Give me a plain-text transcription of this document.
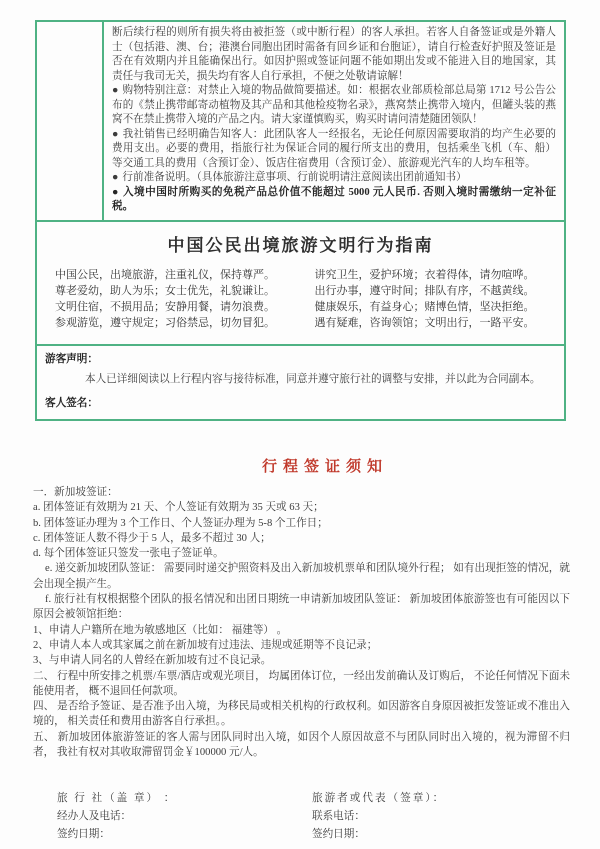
断后续行程的则所有损失将由被拒签（或中断行程）的客人承担。若客人自备签证或是外籍人士（包括港、澳、台；港澳台同胞出团时需备有回乡证和台胞证），请自行检查好护照及签证是否在有效期内并且能确保出行。如因护照或签证问题不能如期出发或不能进入目的地国家，其责任与我司无关，损失均有客人自行承担，不便之处敬请谅解！

● 购物特别注意：对禁止入境的物品做简要描述。如：根据农业部质检部总局第 1712 号公告公布的《禁止携带邮寄动植物及其产品和其他检疫物名录》，燕窝禁止携带入境内，但罐头装的燕窝不在禁止携带入境的产品之内。请大家谨慎购买，购买时请问清楚随团领队！

● 我社销售已经明确告知客人：此团队客人一经报名，无论任何原因需要取消的均产生必要的费用支出。必要的费用，指旅行社为保证合同的履行所支出的费用，包括乘坐飞机（车、船）等交通工具的费用（含预订金）、饭店住宿费用（含预订金）、旅游观光汽车的人均车租等。

● 行前准备说明。（具体旅游注意事项、行前说明请注意阅读出团前通知书）

● 入境中国时所购买的免税产品总价值不能超过 5000 元人民币. 否则入境时需缴纳一定补征税。

中国公民出境旅游文明行为指南
中国公民，出境旅游，注重礼仪，保持尊严。	讲究卫生，爱护环境；衣着得体，请勿喧哗。
尊老爱幼，助人为乐；女士优先，礼貌谦让。	出行办事，遵守时间；排队有序，不越黄线。
文明住宿，不损用品；安静用餐，请勿浪费。	健康娱乐，有益身心；赌博色情，坚决拒绝。
参观游览，遵守规定；习俗禁忌，切勿冒犯。	遇有疑难，咨询领馆；文明出行，一路平安。
游客声明：
本人已详细阅读以上行程内容与接待标准，同意并遵守旅行社的调整与安排，并以此为合同副本。
客人签名：
行程签证须知

一．新加坡签证：

a. 团体签证有效期为 21 天、个人签证有效期为 35 天或 63 天；

b. 团体签证办理为 3 个工作日、个人签证办理为 5-8 个工作日；

c. 团体签证人数不得少于 5 人，最多不超过 30 人；

d. 每个团体签证只签发一张电子签证单。

e. 递交新加坡团队签证： 需要同时递交护照资料及出入新加坡机票单和团队境外行程； 如有出现拒签的情况，就 会出现全损产生。

f. 旅行社有权根据整个团队的报名情况和出团日期统一申请新加坡团队签证： 新加坡团体旅游签也有可能因以下原因会被领馆拒绝：

1、申请人户籍所在地为敏感地区（比如： 福建等） 。

2、申请人本人或其家属之前在新加坡有过违法、违规或延期等不良记录；

3、与申请人同名的人曾经在新加坡有过不良记录。

二、 行程中所安排之机票/车票/酒店或观光项目， 均属团体订位，一经出发前确认及订购后， 不论任何情况下面未 能使用者， 概不退回任何款项。

四、 是否给予签证、是否准予出入境，为移民局或相关机构的行政权利。如因游客自身原因被拒发签证或不准出入 境的， 相关责任和费用由游客自行承担。。

五、 新加坡团体旅游签证的客人需与团队同时出入境，如因个人原因故意不与团队同时出入境的，视为滞留不归者， 我社有权对其收取滞留罚金￥100000 元/人。

旅 行 社（盖 章） ：	旅游者或代表（签章）：
经办人及电话：	联系电话：
签约日期：	签约日期：
